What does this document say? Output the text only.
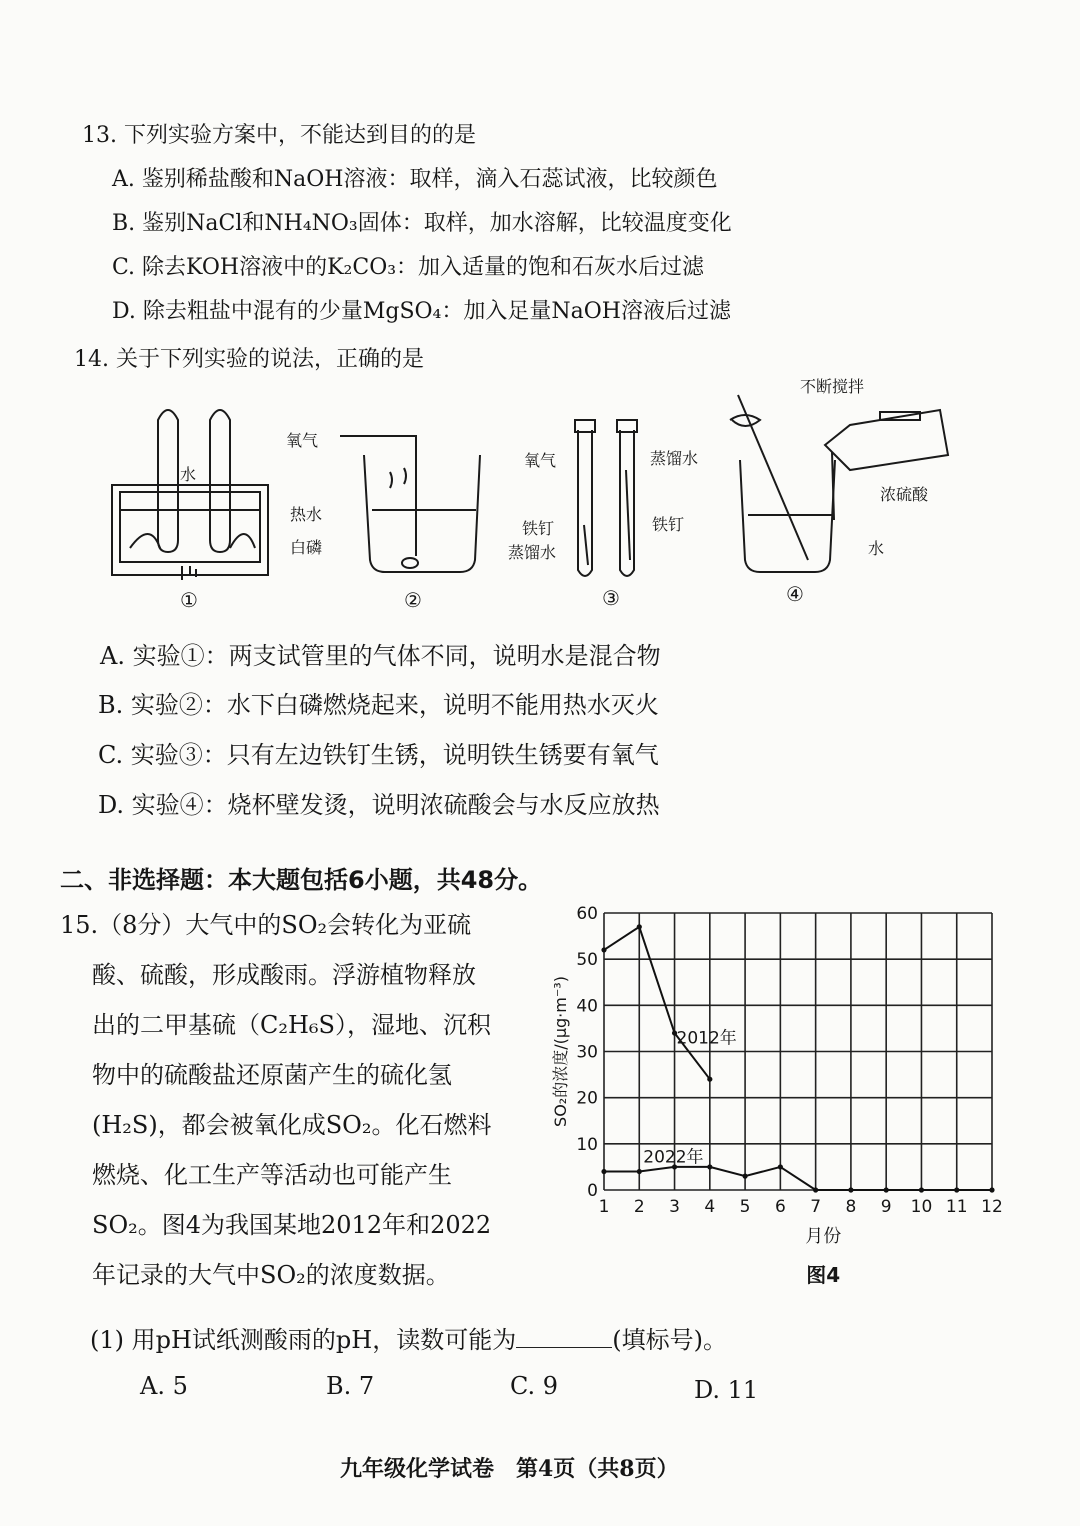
13. 下列实验方案中，不能达到目的的是
A. 鉴别稀盐酸和NaOH溶液：取样，滴入石蕊试液，比较颜色
B. 鉴别NaCl和NH₄NO₃固体：取样，加水溶解，比较温度变化
C. 除去KOH溶液中的K₂CO₃：加入适量的饱和石灰水后过滤
D. 除去粗盐中混有的少量MgSO₄：加入足量NaOH溶液后过滤
14. 关于下列实验的说法，正确的是
水
①
氧气
热水
白磷
②
氧气
铁钉
蒸馏水
蒸馏水
铁钉
③
不断搅拌
浓硫酸
水
④
A. 实验①：两支试管里的气体不同，说明水是混合物
B. 实验②：水下白磷燃烧起来，说明不能用热水灭火
C. 实验③：只有左边铁钉生锈，说明铁生锈要有氧气
D. 实验④：烧杯壁发烫，说明浓硫酸会与水反应放热
二、非选择题：本大题包括6小题，共48分。
15.（8分）大气中的SO₂会转化为亚硫
酸、硫酸，形成酸雨。浮游植物释放
出的二甲基硫（C₂H₆S），湿地、沉积
物中的硫酸盐还原菌产生的硫化氢
(H₂S)，都会被氧化成SO₂。化石燃料
燃烧、化工生产等活动也可能产生
SO₂。图4为我国某地2012年和2022
年记录的大气中SO₂的浓度数据。
1 2 3 4 5 6 7 8 9 10 11 12
0
10
20
30
40
50
60
2012年
2022年
SO₂的浓度/(μg·m⁻³)
月份
图4
(1) 用pH试纸测酸雨的pH，读数可能为	(填标号)。
A. 5	B. 7	C. 9	D. 11
九年级化学试卷　第4页（共8页）
